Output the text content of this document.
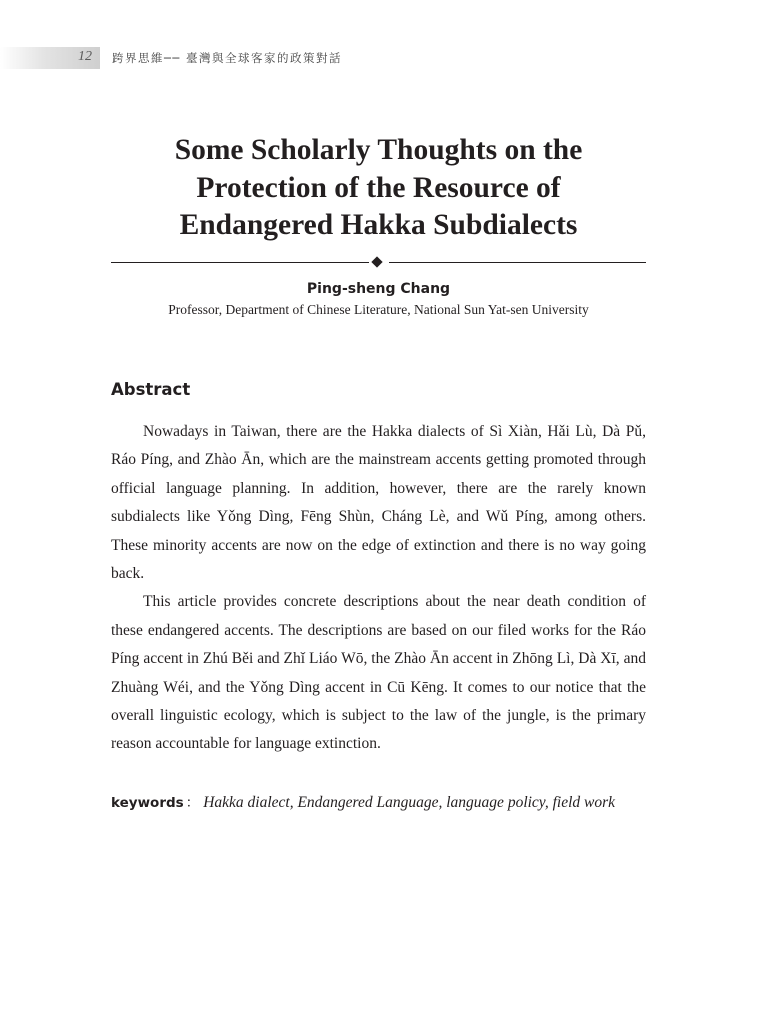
12 跨界思維── 臺灣與全球客家的政策對話
Some Scholarly Thoughts on the
Protection of the Resource of
Endangered Hakka Subdialects
Ping-sheng Chang
Professor, Department of Chinese Literature, National Sun Yat-sen University
Abstract

Nowadays in Taiwan, there are the Hakka dialects of Sì Xiàn, Hǎi Lù, Dà Pǔ, Ráo Píng, and Zhào Ān, which are the mainstream accents getting promoted through official language planning. In addition, however, there are the rarely known subdialects like Yǒng Dìng, Fēng Shùn, Cháng Lè, and Wǔ Píng, among others. These minority accents are now on the edge of extinction and there is no way going back.

This article provides concrete descriptions about the near death condition of these endangered accents. The descriptions are based on our filed works for the Ráo Píng accent in Zhú Běi and Zhǐ Liáo Wō, the Zhào Ān accent in Zhōng Lì, Dà Xī, and Zhuàng Wéi, and the Yǒng Dìng accent in Cū Kēng. It comes to our notice that the overall linguistic ecology, which is subject to the law of the jungle, is the primary reason accountable for language extinction.

keywords ： Hakka dialect, Endangered Language, language policy, field work
